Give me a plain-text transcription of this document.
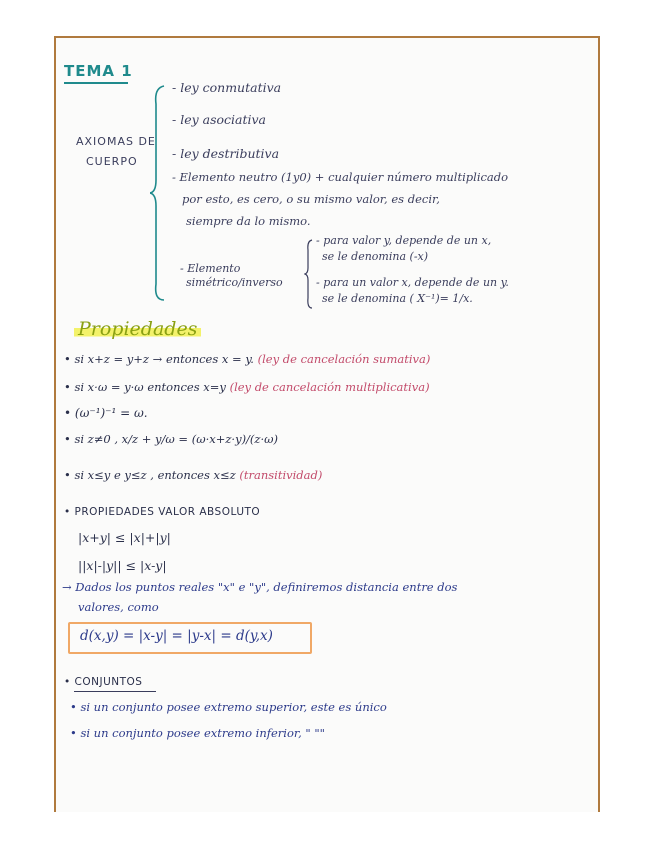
TEMA 1
AXIOMAS DE
CUERPO
- ley conmutativa
- ley asociativa
- ley destributiva
- Elemento neutro (1y0) + cualquier número multiplicado
por esto, es cero, o su mismo valor, es decir,
siempre da lo mismo.
- Elemento
simétrico/inverso
- para valor y, depende de un x,
se le denomina (-x)
- para un valor x, depende de un y.
se le denomina ( X⁻¹)= 1/x.
Propiedades
• si x+z = y+z → entonces x = y. (ley de cancelación sumativa)
• si x·ω = y·ω entonces x=y (ley de cancelación multiplicativa)
• (ω⁻¹)⁻¹ = ω.
• si z≠0 , x/z + y/ω = (ω·x+z·y)/(z·ω)
• si x≤y e y≤z , entonces x≤z (transitividad)
• PROPIEDADES VALOR ABSOLUTO
|x+y| ≤ |x|+|y|
||x|-|y|| ≤ |x-y|
→ Dados los puntos reales "x" e "y", definiremos distancia entre dos
valores, como
d(x,y) = |x-y| = |y-x| = d(y,x)
• CONJUNTOS
• si un conjunto posee extremo superior, este es único
• si un conjunto posee extremo inferior, " ""
